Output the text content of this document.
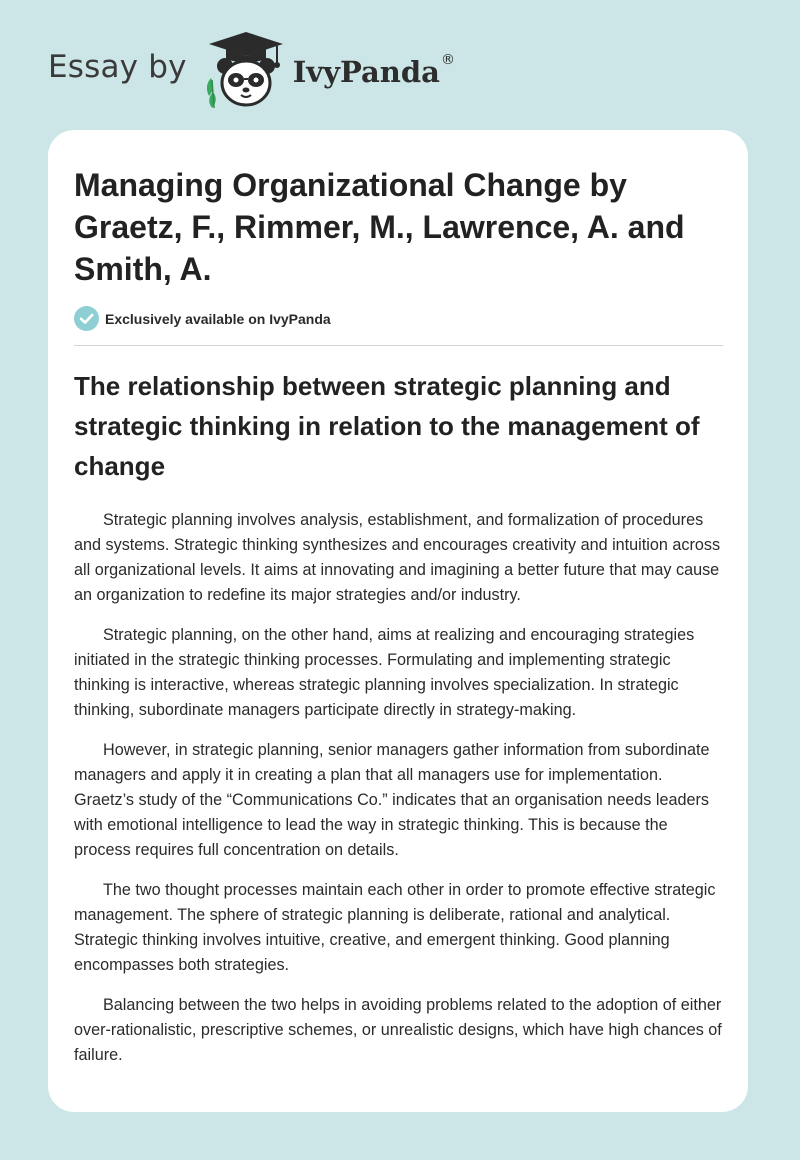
Essay by	IvyPanda ®
Managing Organizational Change by Graetz, F., Rimmer, M., Lawrence, A. and Smith, A.
Exclusively available on IvyPanda
The relationship between strategic planning and strategic thinking in relation to the management of change

Strategic planning involves analysis, establishment, and formalization of procedures and systems. Strategic thinking synthesizes and encourages creativity and intuition across all organizational levels. It aims at innovating and imagining a better future that may cause an organization to redefine its major strategies and/or industry.

Strategic planning, on the other hand, aims at realizing and encouraging strategies initiated in the strategic thinking processes. Formulating and implementing strategic thinking is interactive, whereas strategic planning involves specialization. In strategic thinking, subordinate managers participate directly in strategy-making.

However, in strategic planning, senior managers gather information from subordinate managers and apply it in creating a plan that all managers use for implementation. Graetz’s study of the “Communications Co.” indicates that an organisation needs leaders with emotional intelligence to lead the way in strategic thinking. This is because the process requires full concentration on details.

The two thought processes maintain each other in order to promote effective strategic management. The sphere of strategic planning is deliberate, rational and analytical. Strategic thinking involves intuitive, creative, and emergent thinking. Good planning encompasses both strategies.

Balancing between the two helps in avoiding problems related to the adoption of either over-rationalistic, prescriptive schemes, or unrealistic designs, which have high chances of failure.
